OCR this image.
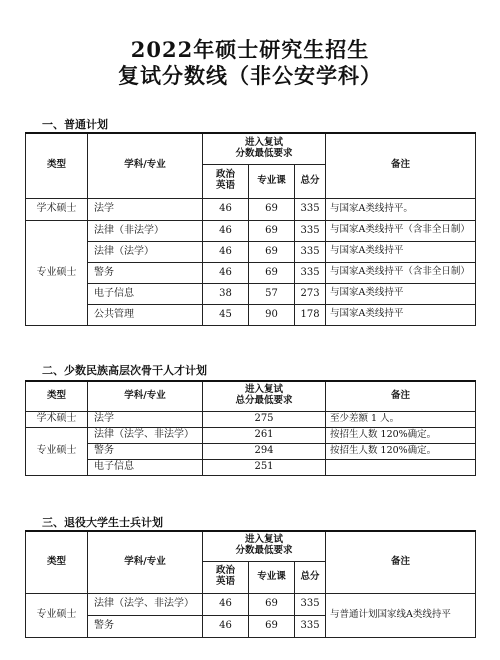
2022年硕士研究生招生
复试分数线（非公安学科）
一、普通计划
类型	学科/专业	进入复试
分数最低要求			备注
		政治
英语	专业课	总分	
学术硕士	法学	46	69	335	与国家A类线持平。
专业硕士	法律（非法学）	46	69	335	与国家A类线持平（含非全日制）
	法律（法学）	46	69	335	与国家A类线持平
	警务	46	69	335	与国家A类线持平（含非全日制）
	电子信息	38	57	273	与国家A类线持平
	公共管理	45	90	178	与国家A类线持平
二、少数民族高层次骨干人才计划
类型	学科/专业	进入复试
总分最低要求	备注
学术硕士	法学	275	至少差额 1 人。
专业硕士	法律（法学、非法学）	261	按招生人数 120%确定。
	警务	294	按招生人数 120%确定。
	电子信息	251	
三、退役大学生士兵计划
类型	学科/专业	进入复试
分数最低要求			备注
		政治
英语	专业课	总分	
专业硕士	法律（法学、非法学）	46	69	335	与普通计划国家线A类线持平
	警务	46	69	335	
